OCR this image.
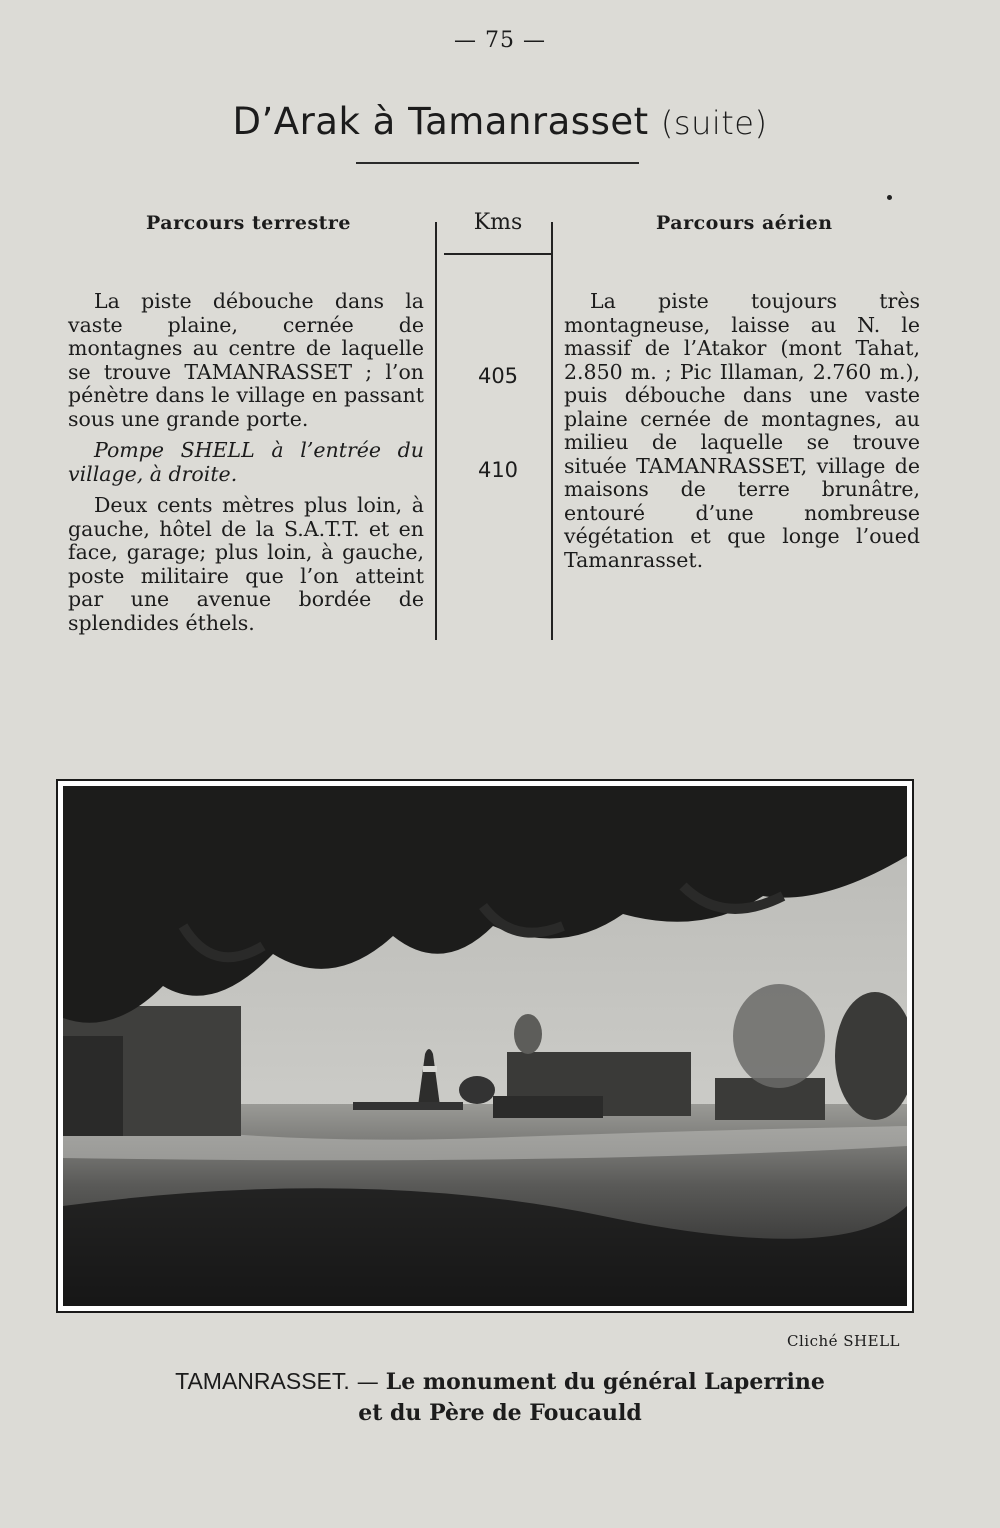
— 75 —
D’Arak à Tamanrasset (suite)
Parcours terrestre	Kms	Parcours aérien

La piste débouche dans la vaste plaine, cernée de montagnes au centre de laquelle se trouve TAMANRASSET ; l’on pénètre dans le village en passant sous une grande porte.

Pompe SHELL à l’entrée du village, à droite.

Deux cents mètres plus loin, à gauche, hôtel de la S.A.T.T. et en face, garage; plus loin, à gauche, poste militaire que l’on atteint par une avenue bordée de splendides éthels.

405
410

La piste toujours très montagneuse, laisse au N. le massif de l’Atakor (mont Tahat, 2.850 m. ; Pic Illaman, 2.760 m.), puis débouche dans une vaste plaine cernée de montagnes, au milieu de laquelle se trouve située TAMANRASSET, village de maisons de terre brunâtre, entouré d’une nombreuse végétation et que longe l’oued Tamanrasset.

Cliché SHELL
TAMANRASSET. — Le monument du général Laperrine
et du Père de Foucauld
